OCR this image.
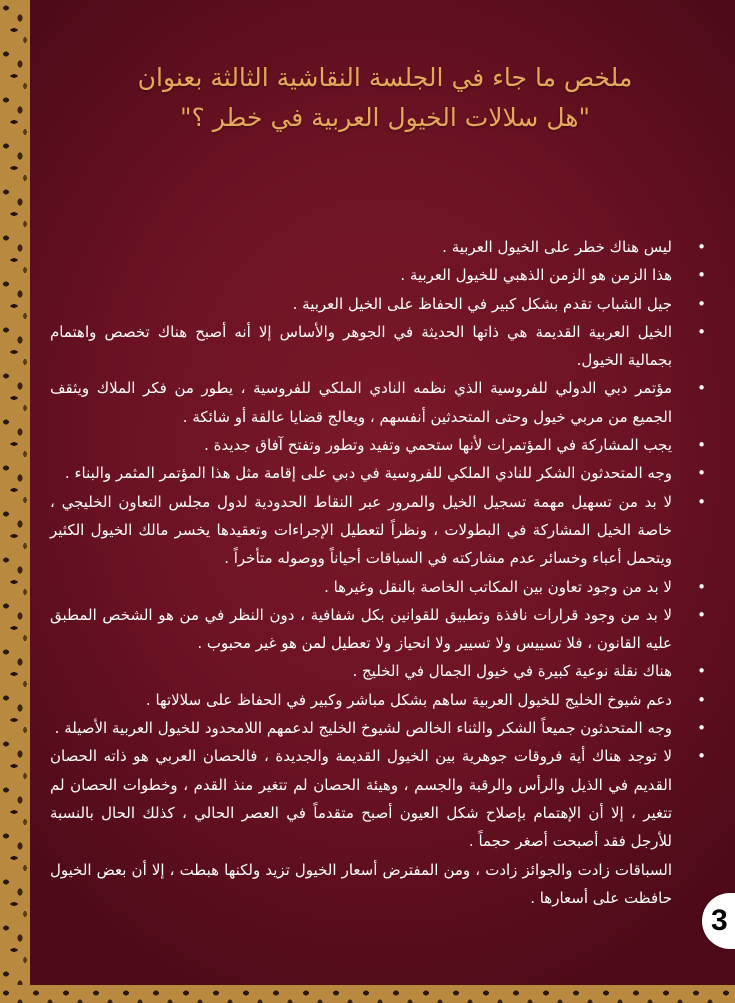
ملخص ما جاء في الجلسة النقاشية الثالثة بعنوان
"هل سلالات الخيول العربية في خطر ؟"
• ليس هناك خطر على الخيول العربية .
• هذا الزمن هو الزمن الذهبي للخيول العربية .
• جيل الشباب تقدم بشكل كبير في الحفاظ على الخيل العربية .
• الخيل العربية القديمة هي ذاتها الحديثة في الجوهر والأساس إلا أنه أصبح هناك تخصص واهتمام بجمالية الخيول.
• مؤتمر دبي الدولي للفروسية الذي نظمه النادي الملكي للفروسية ، يطور من فكر الملاك ويثقف الجميع من مربي خيول وحتى المتحدثين أنفسهم ، ويعالج قضايا عالقة أو شائكة .
• يجب المشاركة في المؤتمرات لأنها ستحمي وتفيد وتطور وتفتح آفاق جديدة .
• وجه المتحدثون الشكر للنادي الملكي للفروسية في دبي على إقامة مثل هذا المؤتمر المثمر والبناء .
• لا بد من تسهيل مهمة تسجيل الخيل والمرور عبر النقاط الحدودية لدول مجلس التعاون الخليجي ، خاصة الخيل المشاركة في البطولات ، ونظراً لتعطيل الإجراءات وتعقيدها يخسر مالك الخيول الكثير ويتحمل أعباء وخسائر عدم مشاركته في السباقات أحياناً ووصوله متأخراً .
• لا بد من وجود تعاون بين المكاتب الخاصة بالنقل وغيرها .
• لا بد من وجود قرارات نافذة وتطبيق للقوانين بكل شفافية ، دون النظر في من هو الشخص المطبق عليه القانون ، فلا تسييس ولا تسيير ولا انحياز ولا تعطيل لمن هو غير محبوب .
• هناك نقلة نوعية كبيرة في خيول الجمال في الخليج .
• دعم شيوخ الخليج للخيول العربية ساهم بشكل مباشر وكبير في الحفاظ على سلالاتها .
• وجه المتحدثون جميعاً الشكر والثناء الخالص لشيوخ الخليج لدعمهم اللامحدود للخيول العربية الأصيلة .
• لا توجد هناك أية فروقات جوهرية بين الخيول القديمة والجديدة ، فالحصان العربي هو ذاته الحصان القديم في الذيل والرأس والرقبة والجسم ، وهيئة الحصان لم تتغير منذ القدم ، وخطوات الحصان لم تتغير ، إلا أن الإهتمام بإصلاح شكل العيون أصبح متقدماً في العصر الحالي ، كذلك الحال بالنسبة للأرجل فقد أصبحت أصغر حجماً .
السباقات زادت والجوائز زادت ، ومن المفترض أسعار الخيول تزيد ولكنها هبطت ، إلا أن بعض الخيول حافظت على أسعارها .
3
